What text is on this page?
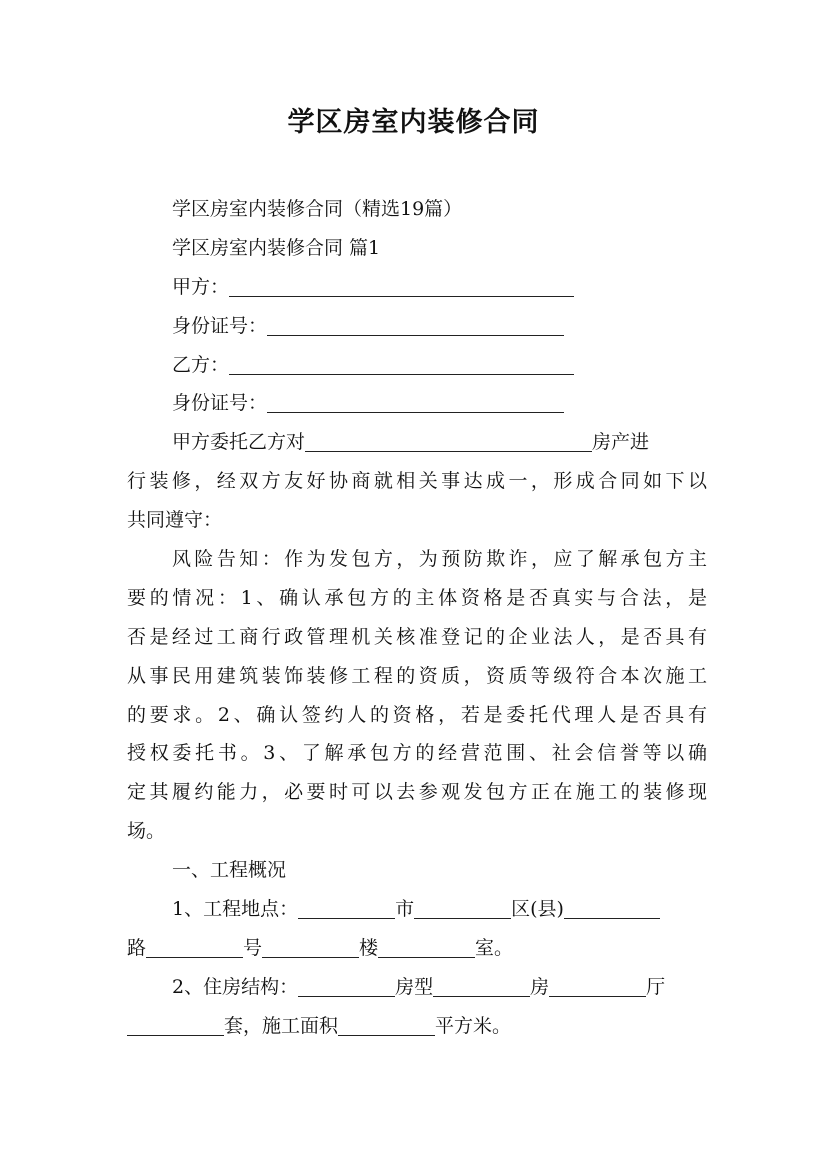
学区房室内装修合同
学区房室内装修合同（精选19篇）
学区房室内装修合同 篇1
甲方：
身份证号：
乙方：
身份证号：
甲方委托乙方对	房产进
行装修，经双方友好协商就相关事达成一，形成合同如下以
共同遵守：
风险告知：作为发包方，为预防欺诈，应了解承包方主
要的情况：1、确认承包方的主体资格是否真实与合法，是
否是经过工商行政管理机关核准登记的企业法人，是否具有
从事民用建筑装饰装修工程的资质，资质等级符合本次施工
的要求。2、确认签约人的资格，若是委托代理人是否具有
授权委托书。3、了解承包方的经营范围、社会信誉等以确
定其履约能力，必要时可以去参观发包方正在施工的装修现
场。
一、工程概况
1、工程地点：	市	区(县)
路	号	楼	室。
2、住房结构：	房型	房	厅
套，施工面积	平方米。
